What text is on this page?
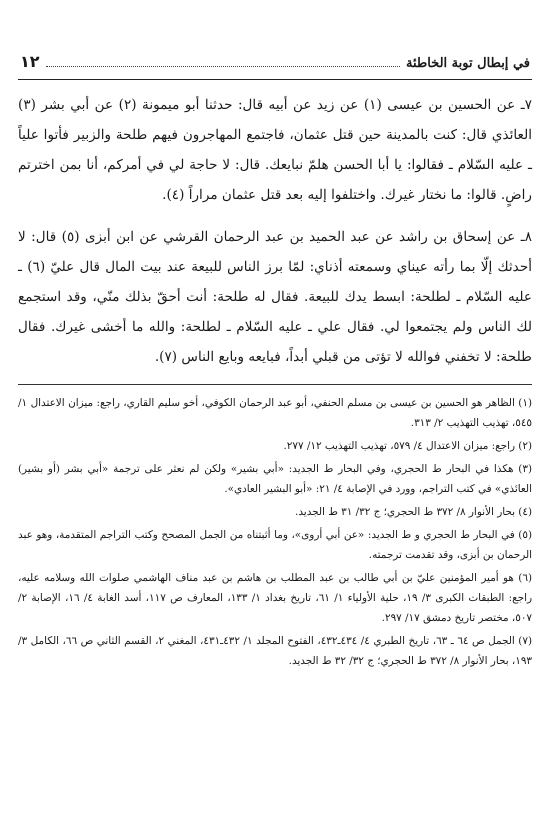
في إبطال توبة الخاطئة
١٢

٧ـ عن الحسين بن عيسى (١) عن زيد عن أبيه قال: حدثنا أبو ميمونة (٢) عن أبي بشر (٣) العائذي قال: كنت بالمدينة حين قتل عثمان، فاجتمع المهاجرون فيهم طلحة والزبير فأتوا علياً ـ عليه السّلام ـ فقالوا: يا أبا الحسن هلمّ نبايعك. قال: لا حاجة لي في أمركم، أنا بمن اخترتم راضٍ. قالوا: ما نختار غيرك. واختلفوا إليه بعد قتل عثمان مراراً (٤).

٨ـ عن إسحاق بن راشد عن عبد الحميد بن عبد الرحمان القرشي عن ابن أبزى (٥) قال: لا أحدثك إلّا بما رأته عيناي وسمعته أذناي: لمّا برز الناس للبيعة عند بيت المال قال عليّ (٦) ـ عليه السّلام ـ لطلحة: ابسط يدك للبيعة. فقال له طلحة: أنت أحقّ بذلك منّي، وقد استجمع لك الناس ولم يجتمعوا لي. فقال علي ـ عليه السّلام ـ لطلحة: والله ما أخشى غيرك. فقال طلحة: لا تخفني فوالله لا تؤتى من قبلي أبداً، فبايعه وبايع الناس (٧).

(١) الظاهر هو الحسين بن عيسى بن مسلم الحنفي، أبو عبد الرحمان الكوفي، أخو سليم القاري، راجع: ميزان الاعتدال ١/ ٥٤٥، تهذيب التهذيب ٢/ ٣١٣.

(٢) راجع: ميزان الاعتدال ٤/ ٥٧٩، تهذيب التهذيب ١٢/ ٢٧٧.

(٣) هكذا في البحار ط الحجري، وفي البحار ط الجديد: «أبي بشير» ولكن لم نعثر على ترجمة «أبي بشر (أو بشير) العائذي» في كتب التراجم، وورد في الإصابة ٤/ ٢١: «أبو البشير العادي».

(٤) بحار الأنوار ٨/ ٣٧٢ ط الحجري؛ ج ٣٢/ ٣١ ط الجديد.

(٥) في البحار ط الحجري و ط الجديد: «عن أبي أروى»، وما أثبتناه من الجمل المصحح وكتب التراجم المتقدمة، وهو عبد الرحمان بن أبزى، وقد تقدمت ترجمته.

(٦) هو أمير المؤمنين عليّ بن أبي طالب بن عبد المطلب بن هاشم بن عبد مناف الهاشمي صلوات الله وسلامه عليه، راجع: الطبقات الكبرى ٣/ ١٩، حلية الأولياء ١/ ٦١، تاريخ بغداد ١/ ١٣٣، المعارف ص ١١٧، أسد الغابة ٤/ ١٦، الإصابة ٢/ ٥٠٧، مختصر تاريخ دمشق ١٧/ ٢٩٧.

(٧) الجمل ص ٦٤ ـ ٦٣، تاريخ الطبري ٤/ ٤٣٤ـ٤٣٢، الفتوح المجلد ١/ ٤٣٢ـ٤٣١، المغني ٢، القسم الثاني ص ٦٦، الكامل ٣/ ١٩٣، بحار الأنوار ٨/ ٣٧٢ ط الحجري؛ ج ٣٢/ ٣٢ ط الجديد.
